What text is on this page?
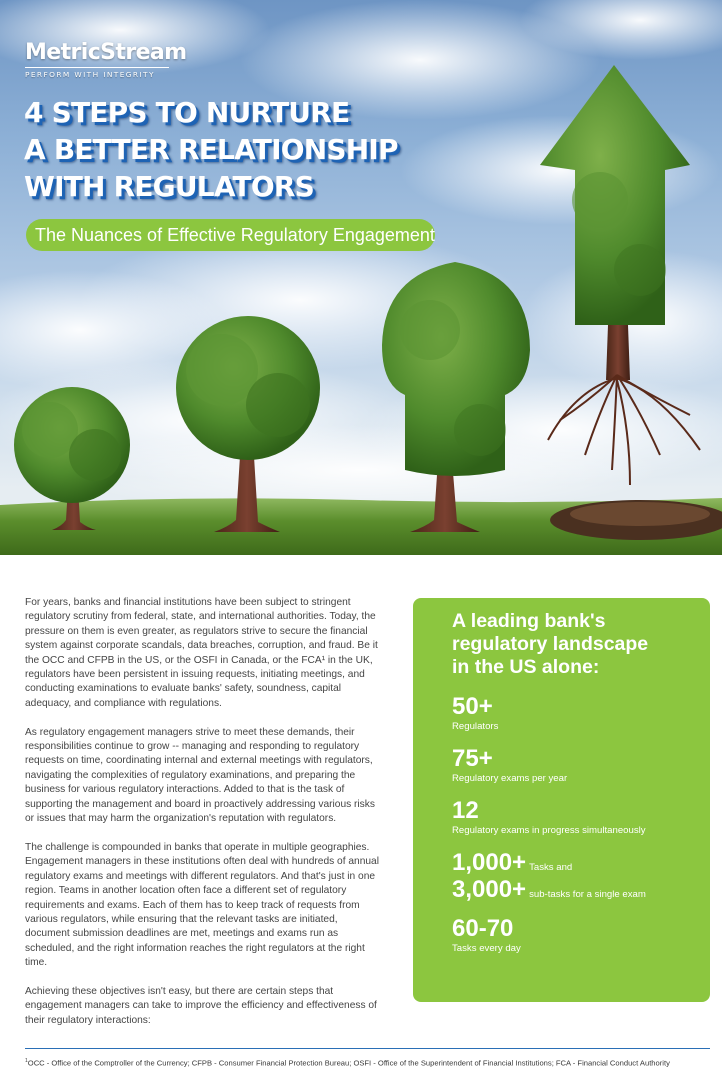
MetricStream
PERFORM WITH INTEGRITY
4 STEPS TO NURTURE
A BETTER RELATIONSHIP
WITH REGULATORS
The Nuances of Effective Regulatory Engagement

For years, banks and financial institutions have been subject to stringent regulatory scrutiny from federal, state, and international authorities. Today, the pressure on them is even greater, as regulators strive to secure the financial system against corporate scandals, data breaches, corruption, and fraud. Be it the OCC and CFPB in the US, or the OSFI in Canada, or the FCA¹ in the UK, regulators have been persistent in issuing requests, initiating meetings, and conducting examinations to evaluate banks' safety, soundness, capital adequacy, and compliance with regulations.

As regulatory engagement managers strive to meet these demands, their responsibilities continue to grow -- managing and responding to regulatory requests on time, coordinating internal and external meetings with regulators, navigating the complexities of regulatory examinations, and preparing the business for various regulatory interactions. Added to that is the task of supporting the management and board in proactively addressing various risks or issues that may harm the organization's reputation with regulators.

The challenge is compounded in banks that operate in multiple geographies. Engagement managers in these institutions often deal with hundreds of annual regulatory exams and meetings with different regulators. And that's just in one region. Teams in another location often face a different set of regulatory requirements and exams. Each of them has to keep track of requests from various regulators, while ensuring that the relevant tasks are initiated, document submission deadlines are met, meetings and exams run as scheduled, and the right information reaches the right regulators at the right time.

Achieving these objectives isn't easy, but there are certain steps that engagement managers can take to improve the efficiency and effectiveness of their regulatory interactions:

A leading bank's
regulatory landscape
in the US alone:
50+
Regulators
75+
Regulatory exams per year
12
Regulatory exams in progress simultaneously
1,000+ Tasks and
3,000+ sub-tasks for a single exam
60-70
Tasks every day
$^1$OCC - Office of the Comptroller of the Currency; CFPB - Consumer Financial Protection Bureau; OSFI - Office of the Superintendent of Financial Institutions; FCA - Financial Conduct Authority
